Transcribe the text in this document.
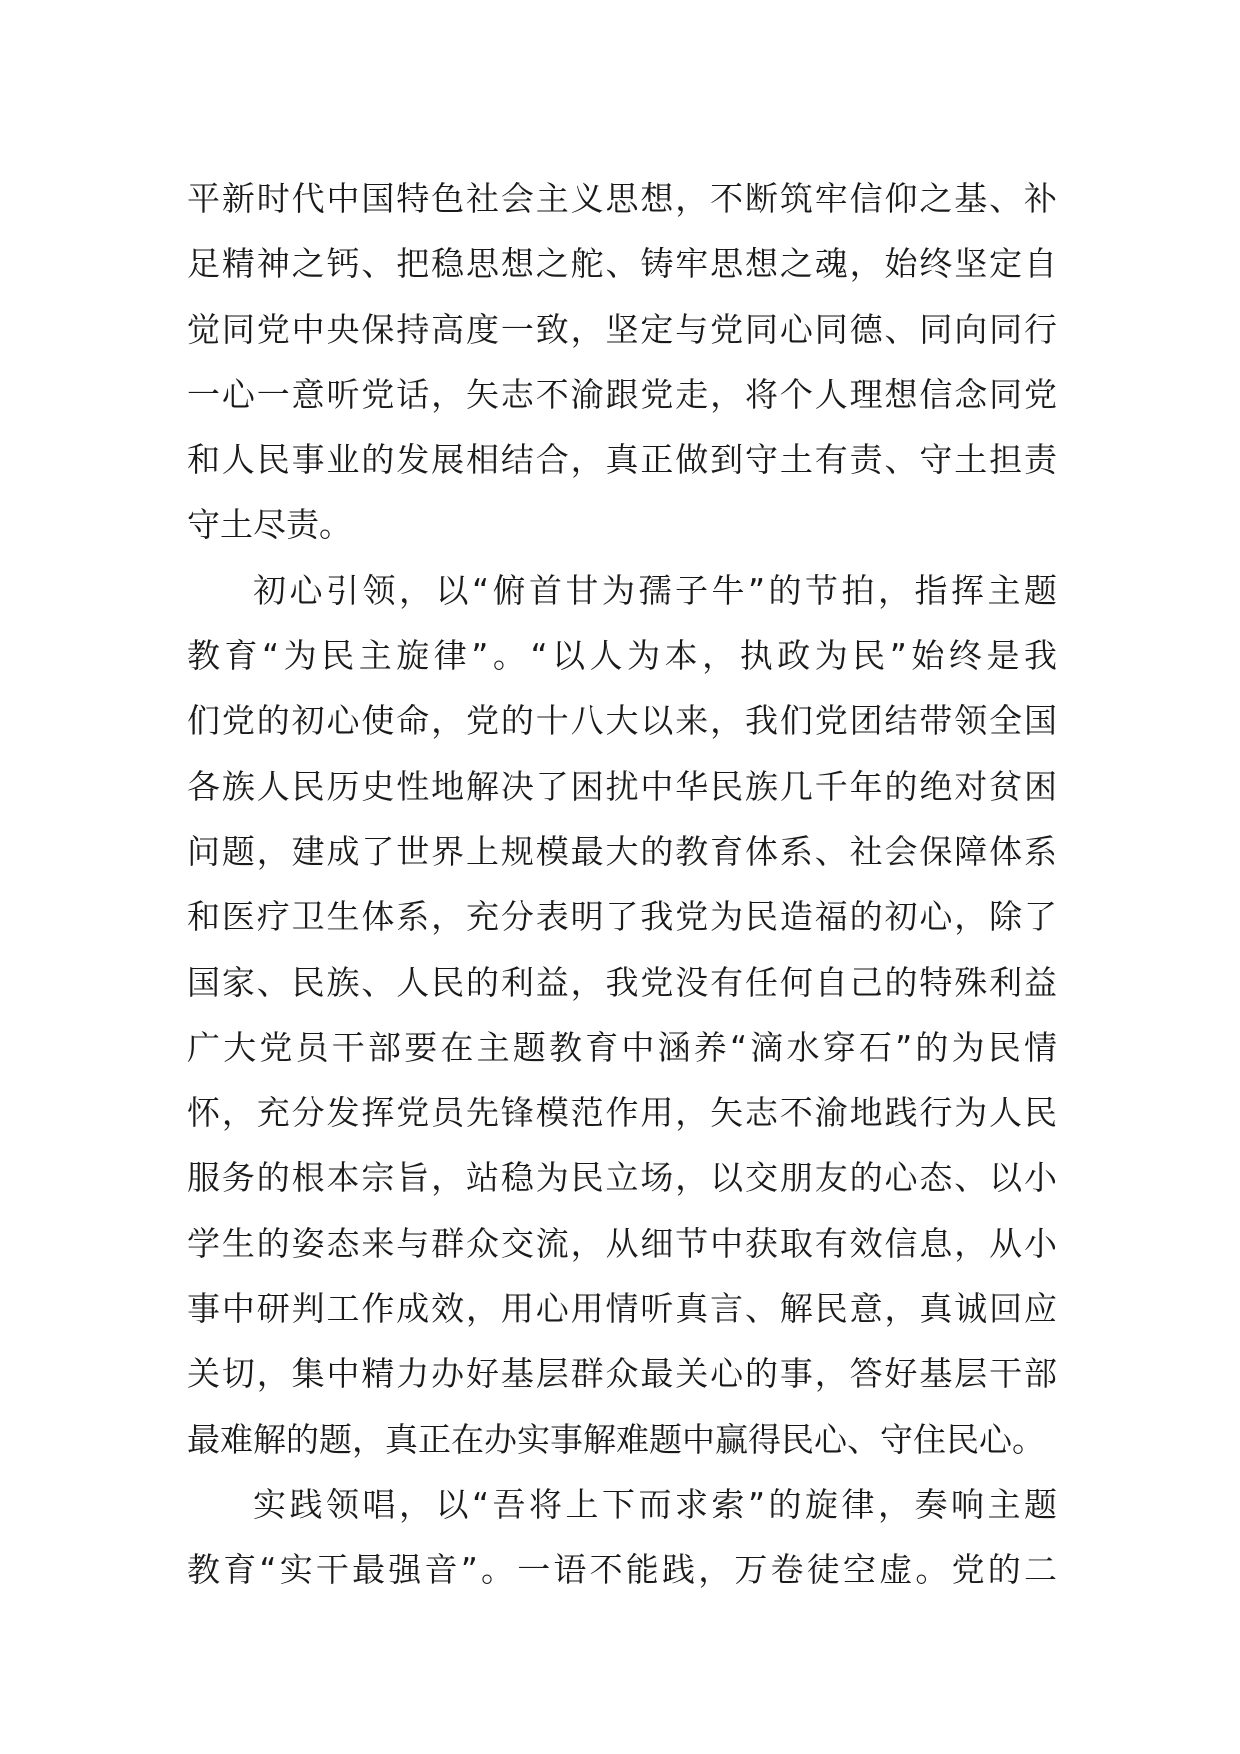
平新时代中国特色社会主义思想，不断筑牢信仰之基、补
足精神之钙、把稳思想之舵、铸牢思想之魂，始终坚定自
觉同党中央保持高度一致，坚定与党同心同德、同向同行
一心一意听党话，矢志不渝跟党走，将个人理想信念同党
和人民事业的发展相结合，真正做到守土有责、守土担责
守土尽责。
初心引领，以“俯首甘为孺子牛”的节拍，指挥主题
教育“为民主旋律”。“以人为本，执政为民”始终是我
们党的初心使命，党的十八大以来，我们党团结带领全国
各族人民历史性地解决了困扰中华民族几千年的绝对贫困
问题，建成了世界上规模最大的教育体系、社会保障体系
和医疗卫生体系，充分表明了我党为民造福的初心，除了
国家、民族、人民的利益，我党没有任何自己的特殊利益
广大党员干部要在主题教育中涵养“滴水穿石”的为民情
怀，充分发挥党员先锋模范作用，矢志不渝地践行为人民
服务的根本宗旨，站稳为民立场，以交朋友的心态、以小
学生的姿态来与群众交流，从细节中获取有效信息，从小
事中研判工作成效，用心用情听真言、解民意，真诚回应
关切，集中精力办好基层群众最关心的事，答好基层干部
最难解的题，真正在办实事解难题中赢得民心、守住民心。
实践领唱，以“吾将上下而求索”的旋律，奏响主题
教育“实干最强音”。一语不能践，万卷徒空虚。党的二
